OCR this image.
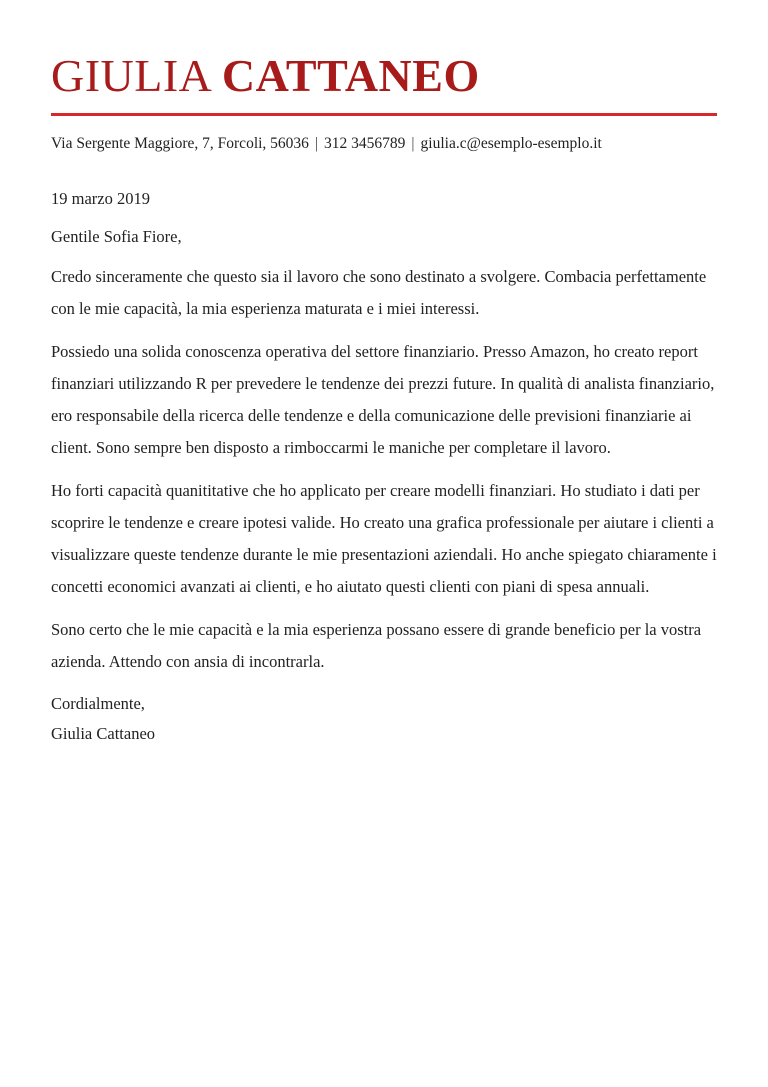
GIULIA CATTANEO
Via Sergente Maggiore, 7, Forcoli, 56036 | 312 3456789 | giulia.c@esemplo-esemplo.it

19 marzo 2019

Gentile Sofia Fiore,

Credo sinceramente che questo sia il lavoro che sono destinato a svolgere. Combacia perfettamente con le mie capacità, la mia esperienza maturata e i miei interessi.

Possiedo una solida conoscenza operativa del settore finanziario. Presso Amazon, ho creato report finanziari utilizzando R per prevedere le tendenze dei prezzi future. In qualità di analista finanziario, ero responsabile della ricerca delle tendenze e della comunicazione delle previsioni finanziarie ai client. Sono sempre ben disposto a rimboccarmi le maniche per completare il lavoro.

Ho forti capacità quanititative che ho applicato per creare modelli finanziari. Ho studiato i dati per scoprire le tendenze e creare ipotesi valide. Ho creato una grafica professionale per aiutare i clienti a visualizzare queste tendenze durante le mie presentazioni aziendali. Ho anche spiegato chiaramente i concetti economici avanzati ai clienti, e ho aiutato questi clienti con piani di spesa annuali.

Sono certo che le mie capacità e la mia esperienza possano essere di grande beneficio per la vostra azienda. Attendo con ansia di incontrarla.

Cordialmente,

Giulia Cattaneo
